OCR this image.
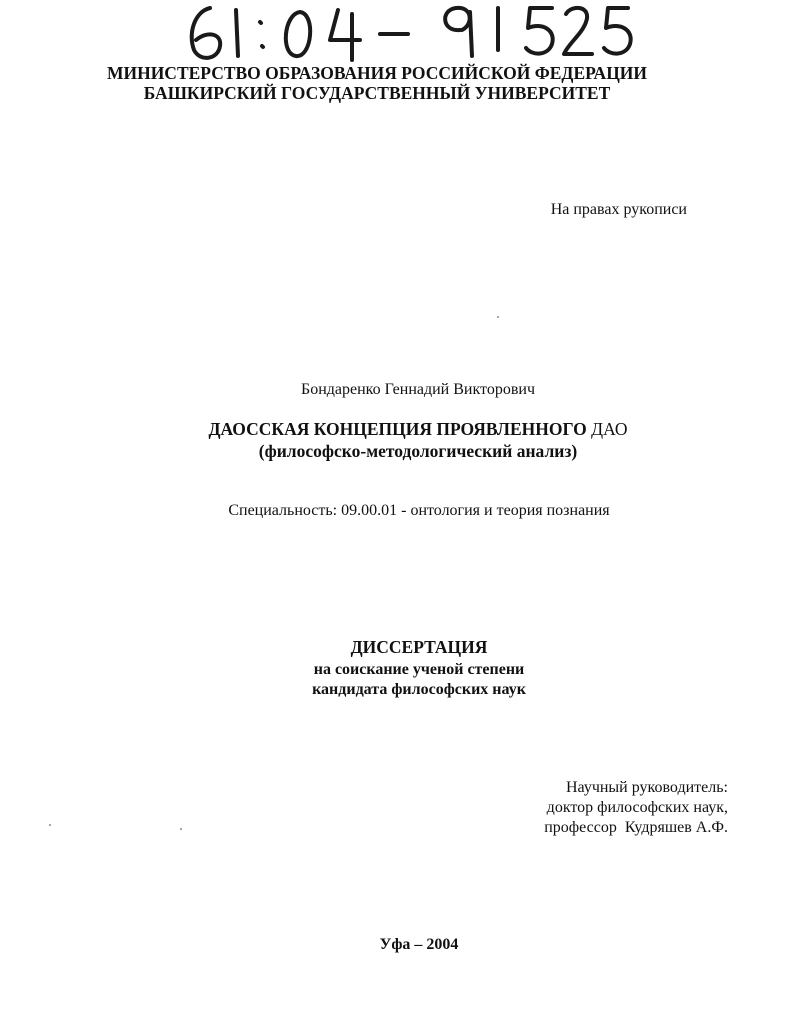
МИНИСТЕРСТВО ОБРАЗОВАНИЯ РОССИЙСКОЙ ФЕДЕРАЦИИ
БАШКИРСКИЙ ГОСУДАРСТВЕННЫЙ УНИВЕРСИТЕТ
На правах рукописи
Бондаренко Геннадий Викторович
ДАОССКАЯ КОНЦЕПЦИЯ ПРОЯВЛЕННОГО ДАО
(философско-методологический анализ)
Специальность: 09.00.01 - онтология и теория познания
ДИССЕРТАЦИЯ
на соискание ученой степени
кандидата философских наук
Научный руководитель:
доктор философских наук,
профессор  Кудряшев А.Ф.
Уфа – 2004
